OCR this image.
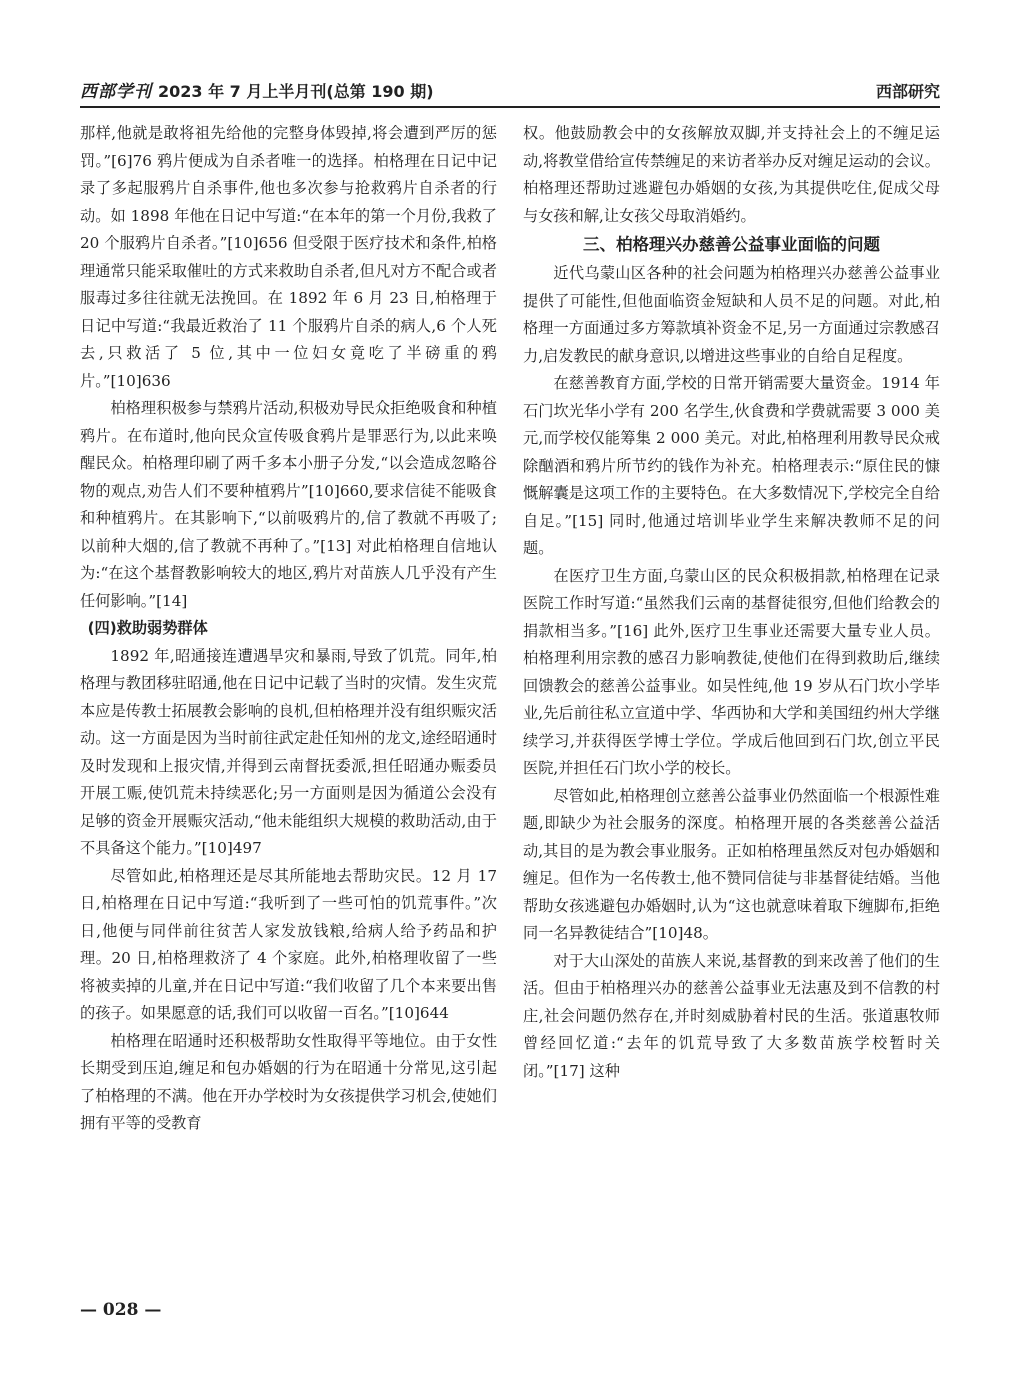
西部学刊 2023 年 7 月上半月刊(总第 190 期)	西部研究

那样,他就是敢将祖先给他的完整身体毁掉,将会遭到严厉的惩罚。”[6]76 鸦片便成为自杀者唯一的选择。柏格理在日记中记录了多起服鸦片自杀事件,他也多次参与抢救鸦片自杀者的行动。如 1898 年他在日记中写道:“在本年的第一个月份,我救了 20 个服鸦片自杀者。”[10]656 但受限于医疗技术和条件,柏格理通常只能采取催吐的方式来救助自杀者,但凡对方不配合或者服毒过多往往就无法挽回。在 1892 年 6 月 23 日,柏格理于日记中写道:“我最近救治了 11 个服鸦片自杀的病人,6 个人死去,只救活了 5 位,其中一位妇女竟吃了半磅重的鸦片。”[10]636

柏格理积极参与禁鸦片活动,积极劝导民众拒绝吸食和种植鸦片。在布道时,他向民众宣传吸食鸦片是罪恶行为,以此来唤醒民众。柏格理印刷了两千多本小册子分发,“以会造成忽略谷物的观点,劝告人们不要种植鸦片”[10]660,要求信徒不能吸食和种植鸦片。在其影响下,“以前吸鸦片的,信了教就不再吸了;以前种大烟的,信了教就不再种了。”[13] 对此柏格理自信地认为:“在这个基督教影响较大的地区,鸦片对苗族人几乎没有产生任何影响。”[14]

(四)救助弱势群体

1892 年,昭通接连遭遇旱灾和暴雨,导致了饥荒。同年,柏格理与教团移驻昭通,他在日记中记载了当时的灾情。发生灾荒本应是传教士拓展教会影响的良机,但柏格理并没有组织赈灾活动。这一方面是因为当时前往武定赴任知州的龙文,途经昭通时及时发现和上报灾情,并得到云南督抚委派,担任昭通办赈委员开展工赈,使饥荒未持续恶化;另一方面则是因为循道公会没有足够的资金开展赈灾活动,“他未能组织大规模的救助活动,由于不具备这个能力。”[10]497

尽管如此,柏格理还是尽其所能地去帮助灾民。12 月 17 日,柏格理在日记中写道:“我听到了一些可怕的饥荒事件。”次日,他便与同伴前往贫苦人家发放钱粮,给病人给予药品和护理。20 日,柏格理救济了 4 个家庭。此外,柏格理收留了一些将被卖掉的儿童,并在日记中写道:“我们收留了几个本来要出售的孩子。如果愿意的话,我们可以收留一百名。”[10]644

柏格理在昭通时还积极帮助女性取得平等地位。由于女性长期受到压迫,缠足和包办婚姻的行为在昭通十分常见,这引起了柏格理的不满。他在开办学校时为女孩提供学习机会,使她们拥有平等的受教育

权。他鼓励教会中的女孩解放双脚,并支持社会上的不缠足运动,将教堂借给宣传禁缠足的来访者举办反对缠足运动的会议。柏格理还帮助过逃避包办婚姻的女孩,为其提供吃住,促成父母与女孩和解,让女孩父母取消婚约。

三、柏格理兴办慈善公益事业面临的问题

近代乌蒙山区各种的社会问题为柏格理兴办慈善公益事业提供了可能性,但他面临资金短缺和人员不足的问题。对此,柏格理一方面通过多方筹款填补资金不足,另一方面通过宗教感召力,启发教民的献身意识,以增进这些事业的自给自足程度。

在慈善教育方面,学校的日常开销需要大量资金。1914 年石门坎光华小学有 200 名学生,伙食费和学费就需要 3 000 美元,而学校仅能筹集 2 000 美元。对此,柏格理利用教导民众戒除酗酒和鸦片所节约的钱作为补充。柏格理表示:“原住民的慷慨解囊是这项工作的主要特色。在大多数情况下,学校完全自给自足。”[15] 同时,他通过培训毕业学生来解决教师不足的问题。

在医疗卫生方面,乌蒙山区的民众积极捐款,柏格理在记录医院工作时写道:“虽然我们云南的基督徒很穷,但他们给教会的捐款相当多。”[16] 此外,医疗卫生事业还需要大量专业人员。柏格理利用宗教的感召力影响教徒,使他们在得到救助后,继续回馈教会的慈善公益事业。如吴性纯,他 19 岁从石门坎小学毕业,先后前往私立宣道中学、华西协和大学和美国纽约州大学继续学习,并获得医学博士学位。学成后他回到石门坎,创立平民医院,并担任石门坎小学的校长。

尽管如此,柏格理创立慈善公益事业仍然面临一个根源性难题,即缺少为社会服务的深度。柏格理开展的各类慈善公益活动,其目的是为教会事业服务。正如柏格理虽然反对包办婚姻和缠足。但作为一名传教士,他不赞同信徒与非基督徒结婚。当他帮助女孩逃避包办婚姻时,认为“这也就意味着取下缠脚布,拒绝同一名异教徒结合”[10]48。

对于大山深处的苗族人来说,基督教的到来改善了他们的生活。但由于柏格理兴办的慈善公益事业无法惠及到不信教的村庄,社会问题仍然存在,并时刻威胁着村民的生活。张道惠牧师曾经回忆道:“去年的饥荒导致了大多数苗族学校暂时关闭。”[17] 这种

— 028 —
